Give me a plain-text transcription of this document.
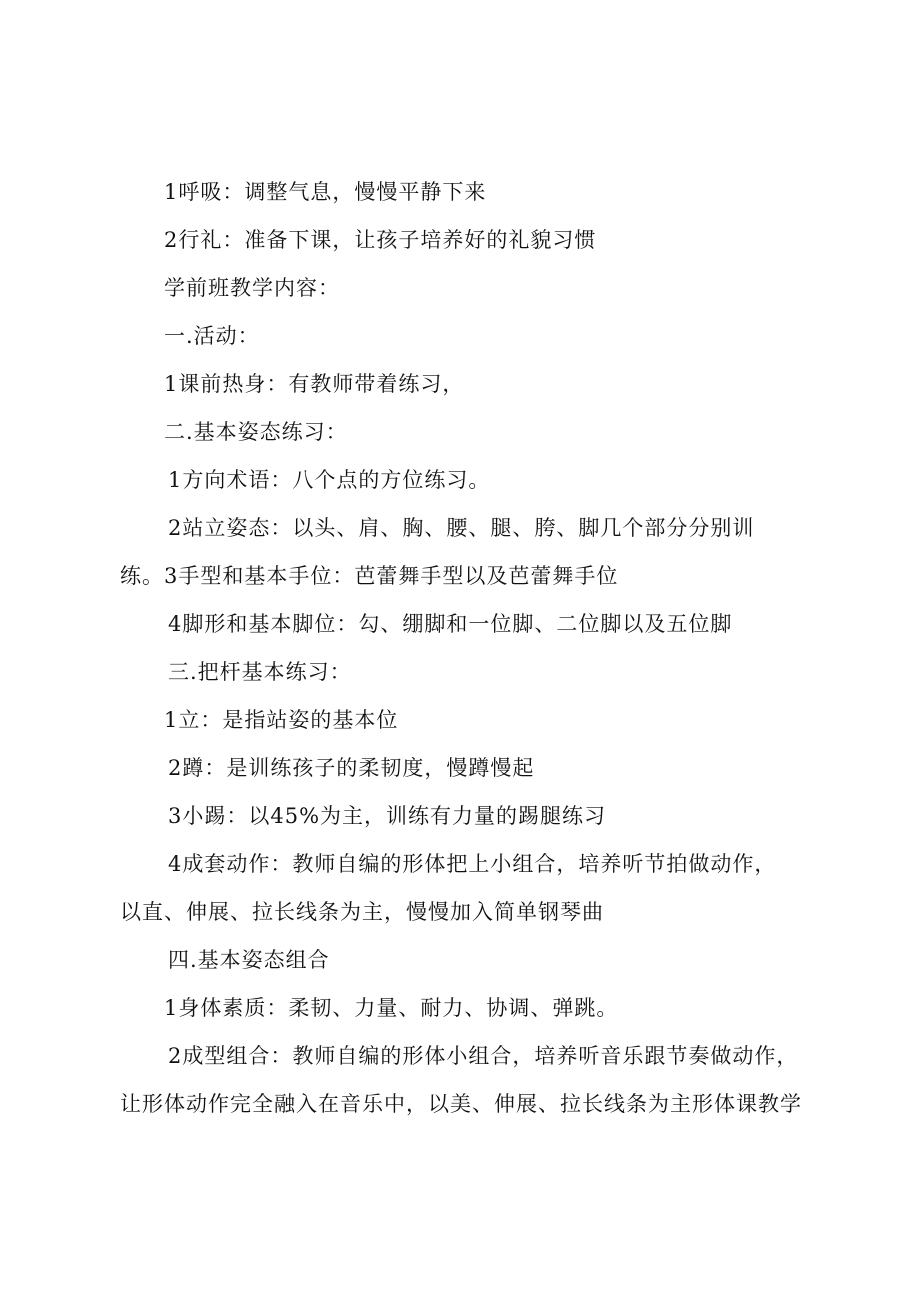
1呼吸：调整气息，慢慢平静下来
2行礼：准备下课，让孩子培养好的礼貌习惯
学前班教学内容：
一.活动：
1课前热身：有教师带着练习，
二.基本姿态练习：
1方向术语：八个点的方位练习。
2站立姿态：以头、肩、胸、腰、腿、胯、脚几个部分分别训
练。3手型和基本手位：芭蕾舞手型以及芭蕾舞手位
4脚形和基本脚位：勾、绷脚和一位脚、二位脚以及五位脚
三.把杆基本练习：
1立：是指站姿的基本位
2蹲：是训练孩子的柔韧度，慢蹲慢起
3小踢：以45%为主，训练有力量的踢腿练习
4成套动作：教师自编的形体把上小组合，培养听节拍做动作，
以直、伸展、拉长线条为主，慢慢加入简单钢琴曲
四.基本姿态组合
1身体素质：柔韧、力量、耐力、协调、弹跳。
2成型组合：教师自编的形体小组合，培养听音乐跟节奏做动作，
让形体动作完全融入在音乐中，以美、伸展、拉长线条为主形体课教学
